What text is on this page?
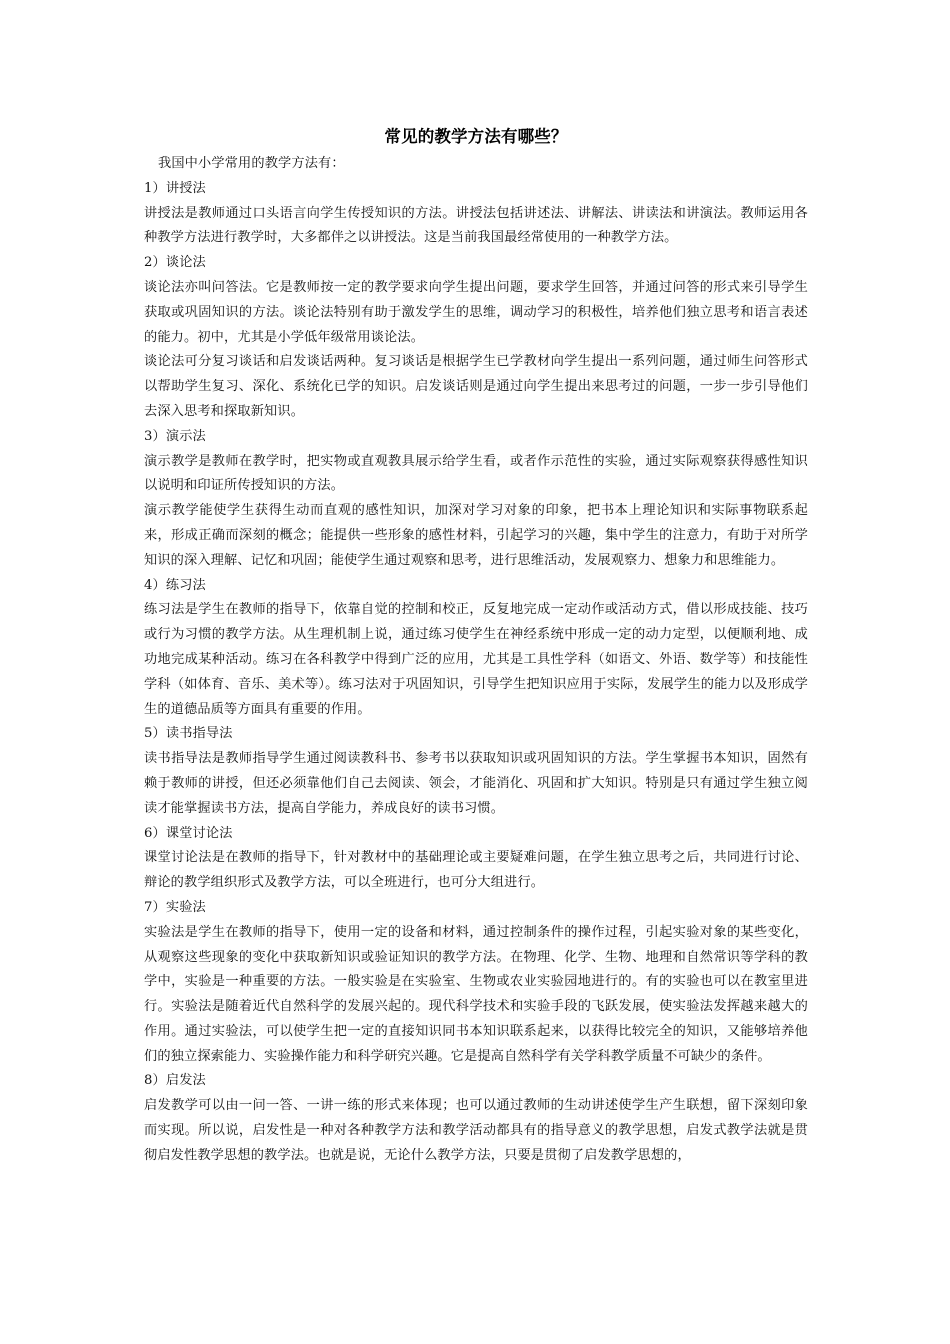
常见的教学方法有哪些？
我国中小学常用的教学方法有：
1）讲授法
讲授法是教师通过口头语言向学生传授知识的方法。讲授法包括讲述法、讲解法、讲读法和讲演法。教师运用各种教学方法进行教学时，大多都伴之以讲授法。这是当前我国最经常使用的一种教学方法。
2）谈论法
谈论法亦叫问答法。它是教师按一定的教学要求向学生提出问题，要求学生回答，并通过问答的形式来引导学生获取或巩固知识的方法。谈论法特别有助于激发学生的思维，调动学习的积极性，培养他们独立思考和语言表述的能力。初中，尤其是小学低年级常用谈论法。
谈论法可分复习谈话和启发谈话两种。复习谈话是根据学生已学教材向学生提出一系列问题，通过师生问答形式以帮助学生复习、深化、系统化已学的知识。启发谈话则是通过向学生提出来思考过的问题，一步一步引导他们去深入思考和探取新知识。
3）演示法
演示教学是教师在教学时，把实物或直观教具展示给学生看，或者作示范性的实验，通过实际观察获得感性知识以说明和印证所传授知识的方法。
演示教学能使学生获得生动而直观的感性知识，加深对学习对象的印象，把书本上理论知识和实际事物联系起来，形成正确而深刻的概念；能提供一些形象的感性材料，引起学习的兴趣，集中学生的注意力，有助于对所学知识的深入理解、记忆和巩固；能使学生通过观察和思考，进行思维活动，发展观察力、想象力和思维能力。
4）练习法
练习法是学生在教师的指导下，依靠自觉的控制和校正，反复地完成一定动作或活动方式，借以形成技能、技巧或行为习惯的教学方法。从生理机制上说，通过练习使学生在神经系统中形成一定的动力定型，以便顺利地、成功地完成某种活动。练习在各科教学中得到广泛的应用，尤其是工具性学科（如语文、外语、数学等）和技能性学科（如体育、音乐、美术等）。练习法对于巩固知识，引导学生把知识应用于实际，发展学生的能力以及形成学生的道德品质等方面具有重要的作用。
5）读书指导法
读书指导法是教师指导学生通过阅读教科书、参考书以获取知识或巩固知识的方法。学生掌握书本知识，固然有赖于教师的讲授，但还必须靠他们自己去阅读、领会，才能消化、巩固和扩大知识。特别是只有通过学生独立阅读才能掌握读书方法，提高自学能力，养成良好的读书习惯。
6）课堂讨论法
课堂讨论法是在教师的指导下，针对教材中的基础理论或主要疑难问题，在学生独立思考之后，共同进行讨论、辩论的教学组织形式及教学方法，可以全班进行，也可分大组进行。
7）实验法
实验法是学生在教师的指导下，使用一定的设备和材料，通过控制条件的操作过程，引起实验对象的某些变化，从观察这些现象的变化中获取新知识或验证知识的教学方法。在物理、化学、生物、地理和自然常识等学科的教学中，实验是一种重要的方法。一般实验是在实验室、生物或农业实验园地进行的。有的实验也可以在教室里进行。实验法是随着近代自然科学的发展兴起的。现代科学技术和实验手段的飞跃发展，使实验法发挥越来越大的作用。通过实验法，可以使学生把一定的直接知识同书本知识联系起来，以获得比较完全的知识，又能够培养他们的独立探索能力、实验操作能力和科学研究兴趣。它是提高自然科学有关学科教学质量不可缺少的条件。
8）启发法
启发教学可以由一问一答、一讲一练的形式来体现；也可以通过教师的生动讲述使学生产生联想，留下深刻印象而实现。所以说，启发性是一种对各种教学方法和教学活动都具有的指导意义的教学思想，启发式教学法就是贯彻启发性教学思想的教学法。也就是说，无论什么教学方法，只要是贯彻了启发教学思想的，
